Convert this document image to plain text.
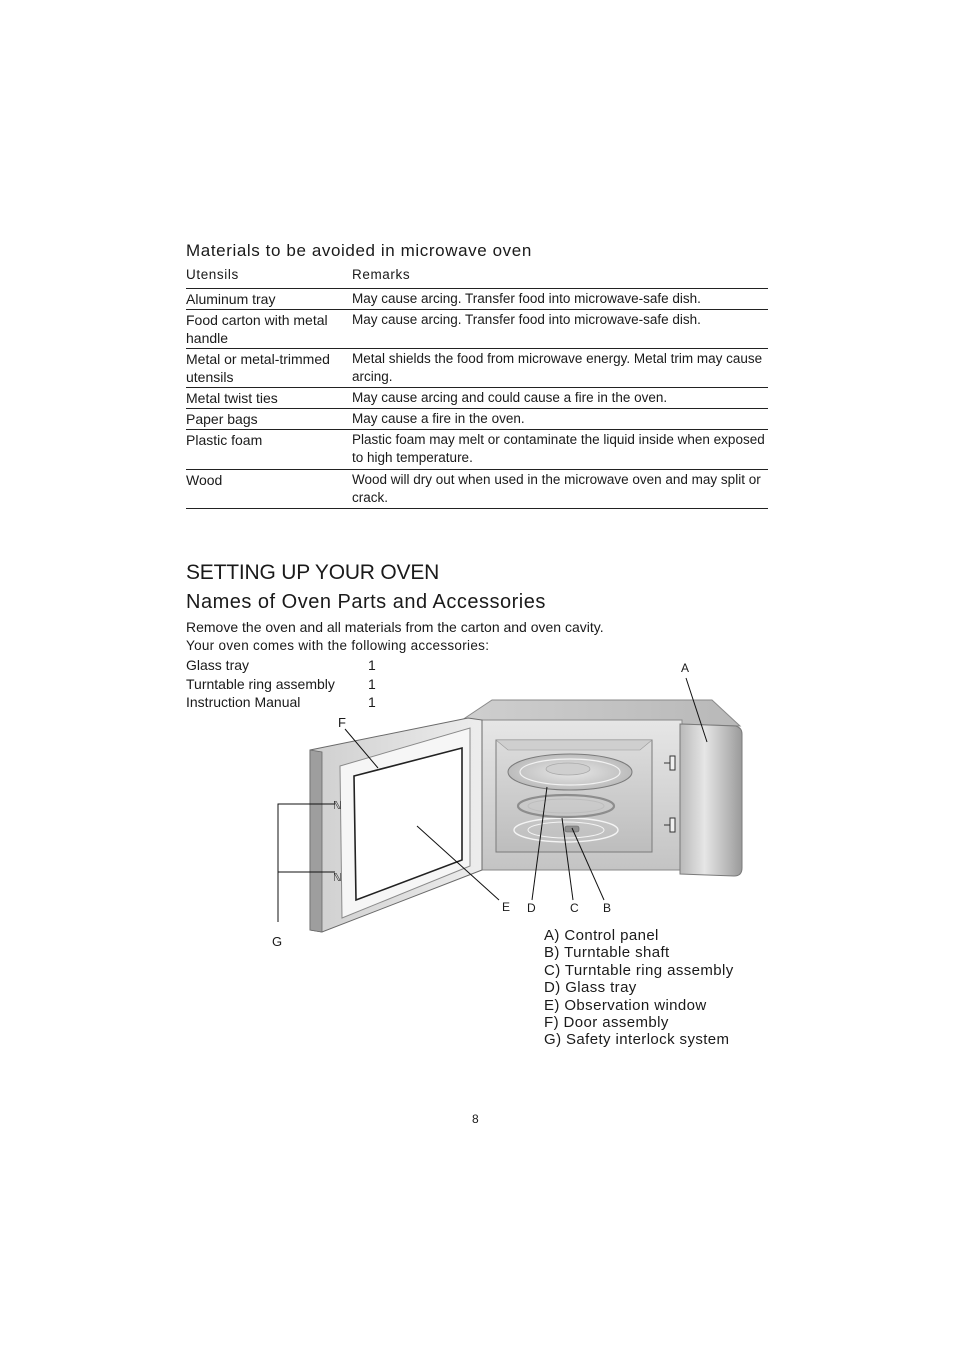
Materials to be avoided in microwave oven
Utensils	Remarks
Aluminum tray	May cause arcing. Transfer food into microwave-safe dish.
Food carton with metal handle	May cause arcing. Transfer food into microwave-safe dish.
Metal or metal-trimmed utensils	Metal shields the food from microwave energy. Metal trim may cause arcing.
Metal twist ties	May cause arcing and could cause a fire in the oven.
Paper bags	May cause a fire in the oven.
Plastic foam	Plastic foam may melt or contaminate the liquid inside when exposed to high temperature.
Wood	Wood will dry out when used in the microwave oven and may split or crack.
SETTING UP YOUR OVEN
Names of Oven Parts and Accessories
Remove the oven and all materials from the carton and oven cavity.
Your oven comes with the following accessories:
Glass tray	1
Turntable ring assembly 1
Instruction Manual	1
ℕ
ℕ
A
F
E D	C B
G	A) Control panel
B) Turntable shaft
C) Turntable ring assembly
D) Glass tray
E) Observation window
F) Door assembly
G) Safety interlock system
8
